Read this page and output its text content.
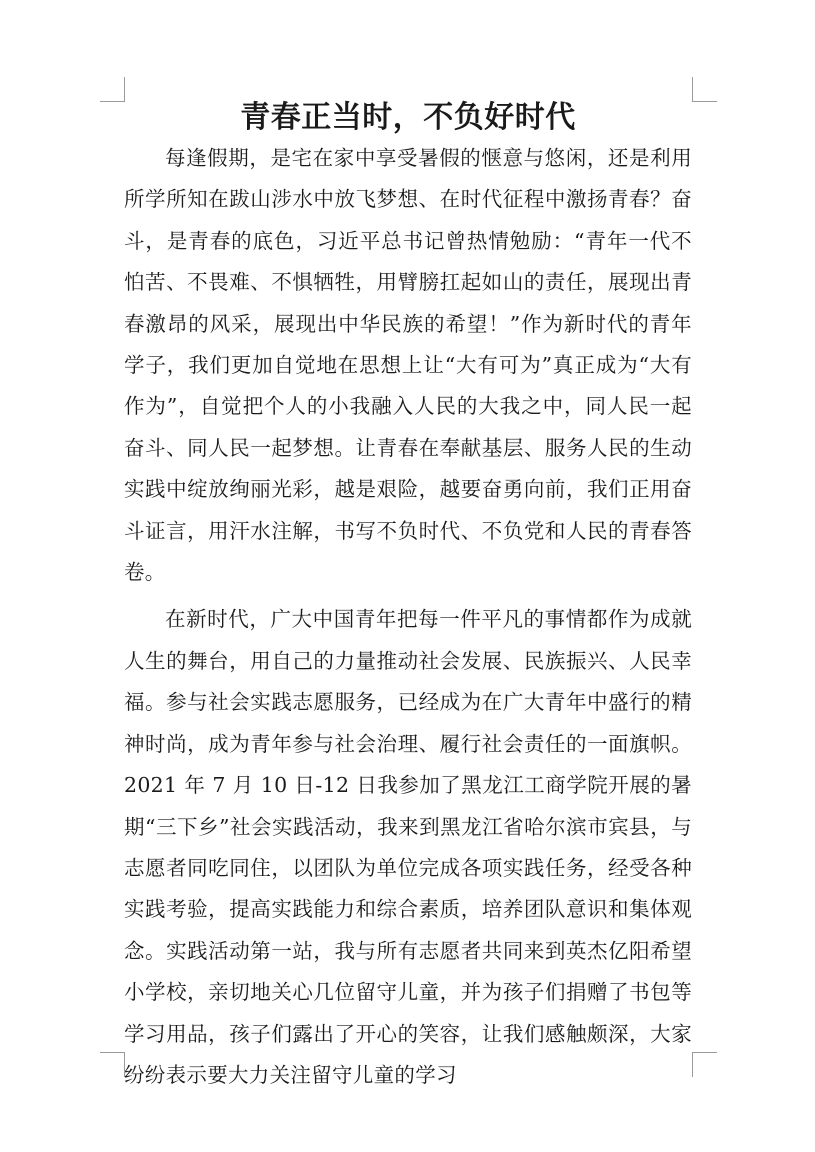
青春正当时，不负好时代

每逢假期，是宅在家中享受暑假的惬意与悠闲，还是利用所学所知在跋山涉水中放飞梦想、在时代征程中激扬青春？奋斗，是青春的底色，习近平总书记曾热情勉励：“青年一代不怕苦、不畏难、不惧牺牲，用臂膀扛起如山的责任，展现出青春激昂的风采，展现出中华民族的希望！”作为新时代的青年学子，我们更加自觉地在思想上让“大有可为”真正成为“大有作为”，自觉把个人的小我融入人民的大我之中，同人民一起奋斗、同人民一起梦想。让青春在奉献基层、服务人民的生动实践中绽放绚丽光彩，越是艰险，越要奋勇向前，我们正用奋斗证言，用汗水注解，书写不负时代、不负党和人民的青春答卷。

在新时代，广大中国青年把每一件平凡的事情都作为成就人生的舞台，用自己的力量推动社会发展、民族振兴、人民幸福。参与社会实践志愿服务，已经成为在广大青年中盛行的精神时尚，成为青年参与社会治理、履行社会责任的一面旗帜。2021 年 7 月 10 日-12 日我参加了黑龙江工商学院开展的暑期“三下乡”社会实践活动，我来到黑龙江省哈尔滨市宾县，与志愿者同吃同住，以团队为单位完成各项实践任务，经受各种实践考验，提高实践能力和综合素质，培养团队意识和集体观念。实践活动第一站，我与所有志愿者共同来到英杰亿阳希望小学校，亲切地关心几位留守儿童，并为孩子们捐赠了书包等学习用品，孩子们露出了开心的笑容，让我们感触颇深，大家纷纷表示要大力关注留守儿童的学习
